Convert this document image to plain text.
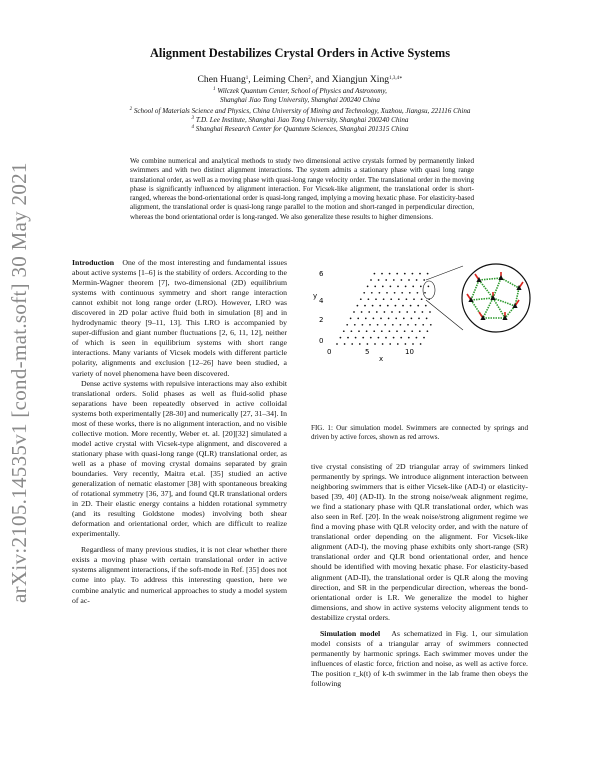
arXiv:2105.14535v1 [cond-mat.soft] 30 May 2021
Alignment Destabilizes Crystal Orders in Active Systems
Chen Huang$^1$, Leiming Chen$^2$, and Xiangjun Xing$^{1,3,4∗}$
$^1$ Wilczek Quantum Center, School of Physics and Astronomy,
Shanghai Jiao Tong University, Shanghai 200240 China
$^2$ School of Materials Science and Physics, China University of Mining and Technology, Xuzhou, Jiangsu, 221116 China
$^3$ T.D. Lee Institute, Shanghai Jiao Tong University, Shanghai 200240 China
$^4$ Shanghai Research Center for Quantum Sciences, Shanghai 201315 China
We combine numerical and analytical methods to study two dimensional active crystals formed by permanently linked swimmers and with two distinct alignment interactions. The system admits a stationary phase with quasi long range translational order, as well as a moving phase with quasi-long range velocity order. The translational order in the moving phase is significantly influenced by alignment interaction. For Vicsek-like alignment, the translational order is short-ranged, whereas the bond-orientational order is quasi-long ranged, implying a moving hexatic phase. For elasticity-based alignment, the translational order is quasi-long range parallel to the motion and short-ranged in perpendicular direction, whereas the bond orientational order is long-ranged. We also generalize these results to higher dimensions.

Introduction One of the most interesting and fundamental issues about active systems [1–6] is the stability of orders. According to the Mermin-Wagner theorem [7], two-dimensional (2D) equilibrium systems with continuous symmetry and short range interaction cannot exhibit not long range order (LRO). However, LRO was discovered in 2D polar active fluid both in simulation [8] and in hydrodynamic theory [9–11, 13]. This LRO is accompanied by super-diffusion and giant number fluctuations [2, 6, 11, 12], neither of which is seen in equilibrium systems with short range interactions. Many variants of Vicsek models with different particle polarity, alignments and exclusion [12–26] have been studied, a variety of novel phenomena have been discovered.

Dense active systems with repulsive interactions may also exhibit translational orders. Solid phases as well as fluid-solid phase separations have been repeatedly observed in active colloidal systems both experimentally [28-30] and numerically [27, 31–34]. In most of these works, there is no alignment interaction, and no visible collective motion. More recently, Weber et. al. [20][32] simulated a model active crystal with Vicsek-type alignment, and discovered a stationary phase with quasi-long range (QLR) translational order, as well as a phase of moving crystal domains separated by grain boundaries. Very recently, Maitra et.al. [35] studied an active generalization of nematic elastomer [38] with spontaneous breaking of rotational symmetry [36, 37], and found QLR translational orders in 2D. Their elastic energy contains a hidden rotational symmetry (and its resulting Goldstone modes) involving both shear deformation and orientational order, which are difficult to realize experimentally.

Regardless of many previous studies, it is not clear whether there exists a moving phase with certain translational order in active systems alignment interactions, if the soft-mode in Ref. [35] does not come into play. To address this interesting question, here we combine analytic and numerical approaches to study a model system of ac-

6
4
2
0
y
0	5	10
x
FIG. 1: Our simulation model. Swimmers are connected by springs and driven by active forces, shown as red arrows.

tive crystal consisting of 2D triangular array of swimmers linked permanently by springs. We introduce alignment interaction between neighboring swimmers that is either Vicsek-like (AD-I) or elasticity-based [39, 40] (AD-II). In the strong noise/weak alignment regime, we find a stationary phase with QLR translational order, which was also seen in Ref. [20]. In the weak noise/strong alignment regime we find a moving phase with QLR velocity order, and with the nature of translational order depending on the alignment. For Vicsek-like alignment (AD-I), the moving phase exhibits only short-range (SR) translational order and QLR bond orientational order, and hence should be identified with moving hexatic phase. For elasticity-based alignment (AD-II), the translational order is QLR along the moving direction, and SR in the perpendicular direction, whereas the bond-orientational order is LR. We generalize the model to higher dimensions, and show in active systems velocity alignment tends to destabilize crystal orders.

Simulation model As schematized in Fig. 1, our simulation model consists of a triangular array of swimmers connected permanently by harmonic springs. Each swimmer moves under the influences of elastic force, friction and noise, as well as active force. The position r_k(t) of k-th swimmer in the lab frame then obeys the following
